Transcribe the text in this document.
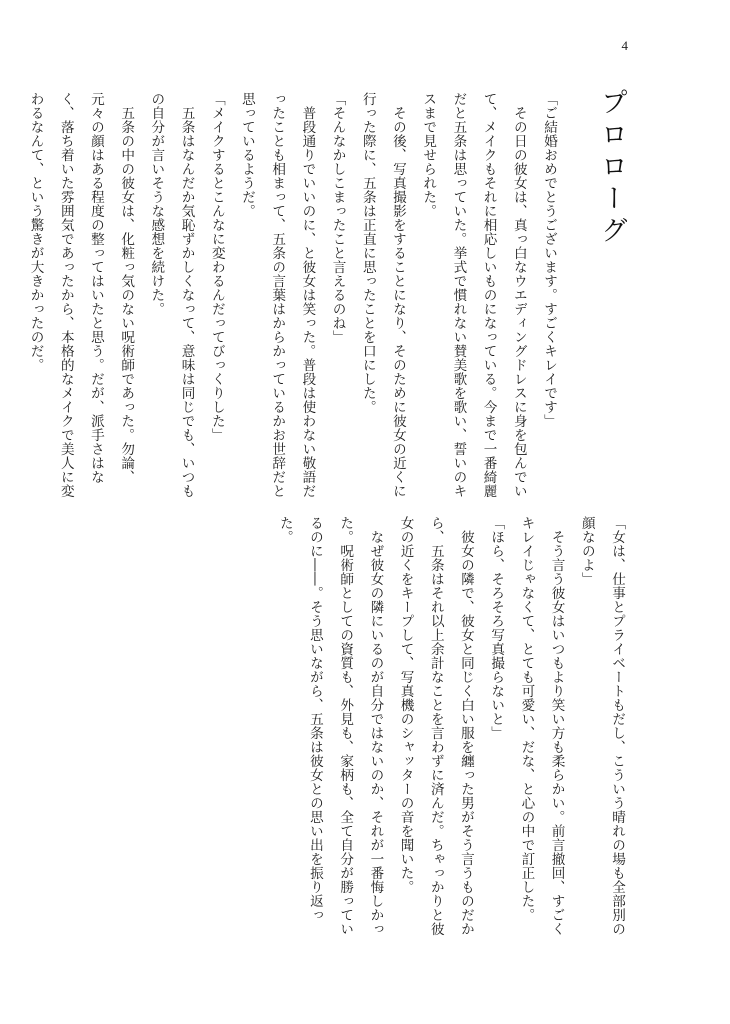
4
プロローグ

「ご結婚おめでとうございます。すごくキレイです」

　その日の彼女は、真っ白なウエディングドレスに身を包んでいて、メイクもそれに相応しいものになっている。今まで一番綺麗だと五条は思っていた。挙式で慣れない賛美歌を歌い、誓いのキスまで見せられた。

　その後、写真撮影をすることになり、そのために彼女の近くに行った際に、五条は正直に思ったことを口にした。

「そんなかしこまったこと言えるのね」

　普段通りでいいのに、と彼女は笑った。普段は使わない敬語だったことも相まって、五条の言葉はからかっているかお世辞だと思っているようだ。

「メイクするとこんなに変わるんだってびっくりした」

　五条はなんだか気恥ずかしくなって、意味は同じでも、いつもの自分が言いそうな感想を続けた。

　五条の中の彼女は、化粧っ気のない呪術師であった。勿論、元々の顔はある程度の整ってはいたと思う。だが、派手さはなく、落ち着いた雰囲気であったから、本格的なメイクで美人に変わるなんて、という驚きが大きかったのだ。

「女は、仕事とプライベートもだし、こういう晴れの場も全部別の顔なのよ」

　そう言う彼女はいつもより笑い方も柔らかい。前言撤回、すごくキレイじゃなくて、とても可愛い、だな、と心の中で訂正した。

「ほら、そろそろ写真撮らないと」

　彼女の隣で、彼女と同じく白い服を纏った男がそう言うものだから、五条はそれ以上余計なことを言わずに済んだ。ちゃっかりと彼女の近くをキープして、写真機のシャッターの音を聞いた。

　なぜ彼女の隣にいるのが自分ではないのか、それが一番悔しかった。呪術師としての資質も、外見も、家柄も、全て自分が勝っているのに――。そう思いながら、五条は彼女との思い出を振り返った。
